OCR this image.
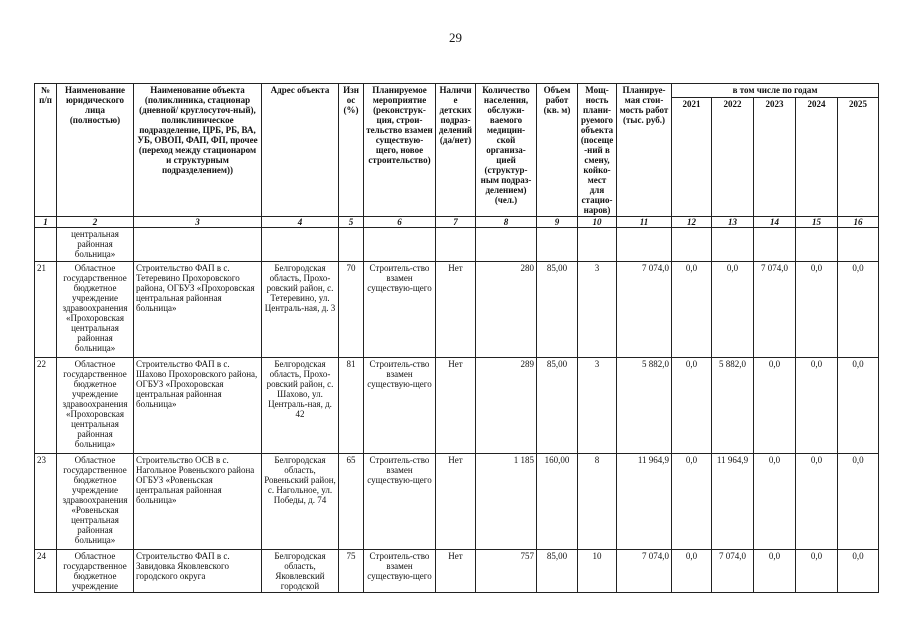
29
№ п/п	Наименование юридического лица (полностью)	Наименование объекта (поликлиника, стационар (дневной/ круглосуточ-ный), поликлиническое подразделение, ЦРБ, РБ, ВА, УБ, ОВОП, ФАП, ФП, прочее (переход между стационаром и структурным подразделением))	Адрес объекта	Износ (%)	Планируемое мероприятие (реконструк-ция, строи-тельство взамен существую-щего, новое строительство)	Наличие детских подраз-делений (да/нет)	Количество населения, обслужи-ваемого медицин-ской организа-цией (структур-ным подраз-делением) (чел.)	Объем работ (кв. м)	Мощ-ность плани-руемого объекта (посеще-ний в смену, койко-мест для стацио-наров)	Планируе-мая стои-мость работ (тыс. руб.)	в том числе по годам				
											2021	2022	2023	2024	2025
1	2	3	4	5	6	7	8	9	10	11	12	13	14	15	16
	центральная районная больница»														
21	Областное государственное бюджетное учреждение здравоохранения «Прохоровская центральная районная больница»	Строительство ФАП в с. Тетеревино Прохоровского района, ОГБУЗ «Прохоровская центральная районная больница»	Белгородская область, Прохо-ровский район, с. Тетеревино, ул. Централь-ная, д. 3	70	Строитель-ство взамен существую-щего	Нет	280	85,00	3	7 074,0	0,0	0,0	7 074,0	0,0	0,0
22	Областное государственное бюджетное учреждение здравоохранения «Прохоровская центральная районная больница»	Строительство ФАП в с. Шахово Прохоровского района, ОГБУЗ «Прохоровская центральная районная больница»	Белгородская область, Прохо-ровский район, с. Шахово, ул. Централь-ная, д. 42	81	Строитель-ство взамен существую-щего	Нет	289	85,00	3	5 882,0	0,0	5 882,0	0,0	0,0	0,0
23	Областное государственное бюджетное учреждение здравоохранения «Ровеньская центральная районная больница»	Строительство ОСВ в с. Нагольное Ровеньского района ОГБУЗ «Ровеньская центральная районная больница»	Белгородская область, Ровеньский район, с. Нагольное, ул. Победы, д. 74	65	Строитель-ство взамен существую-щего	Нет	1 185	160,00	8	11 964,9	0,0	11 964,9	0,0	0,0	0,0
24	Областное государственное бюджетное учреждение	Строительство ФАП в с. Завидовка Яковлевского городского округа	Белгородская область, Яковлевский городской	75	Строитель-ство взамен существую-щего	Нет	757	85,00	10	7 074,0	0,0	7 074,0	0,0	0,0	0,0
